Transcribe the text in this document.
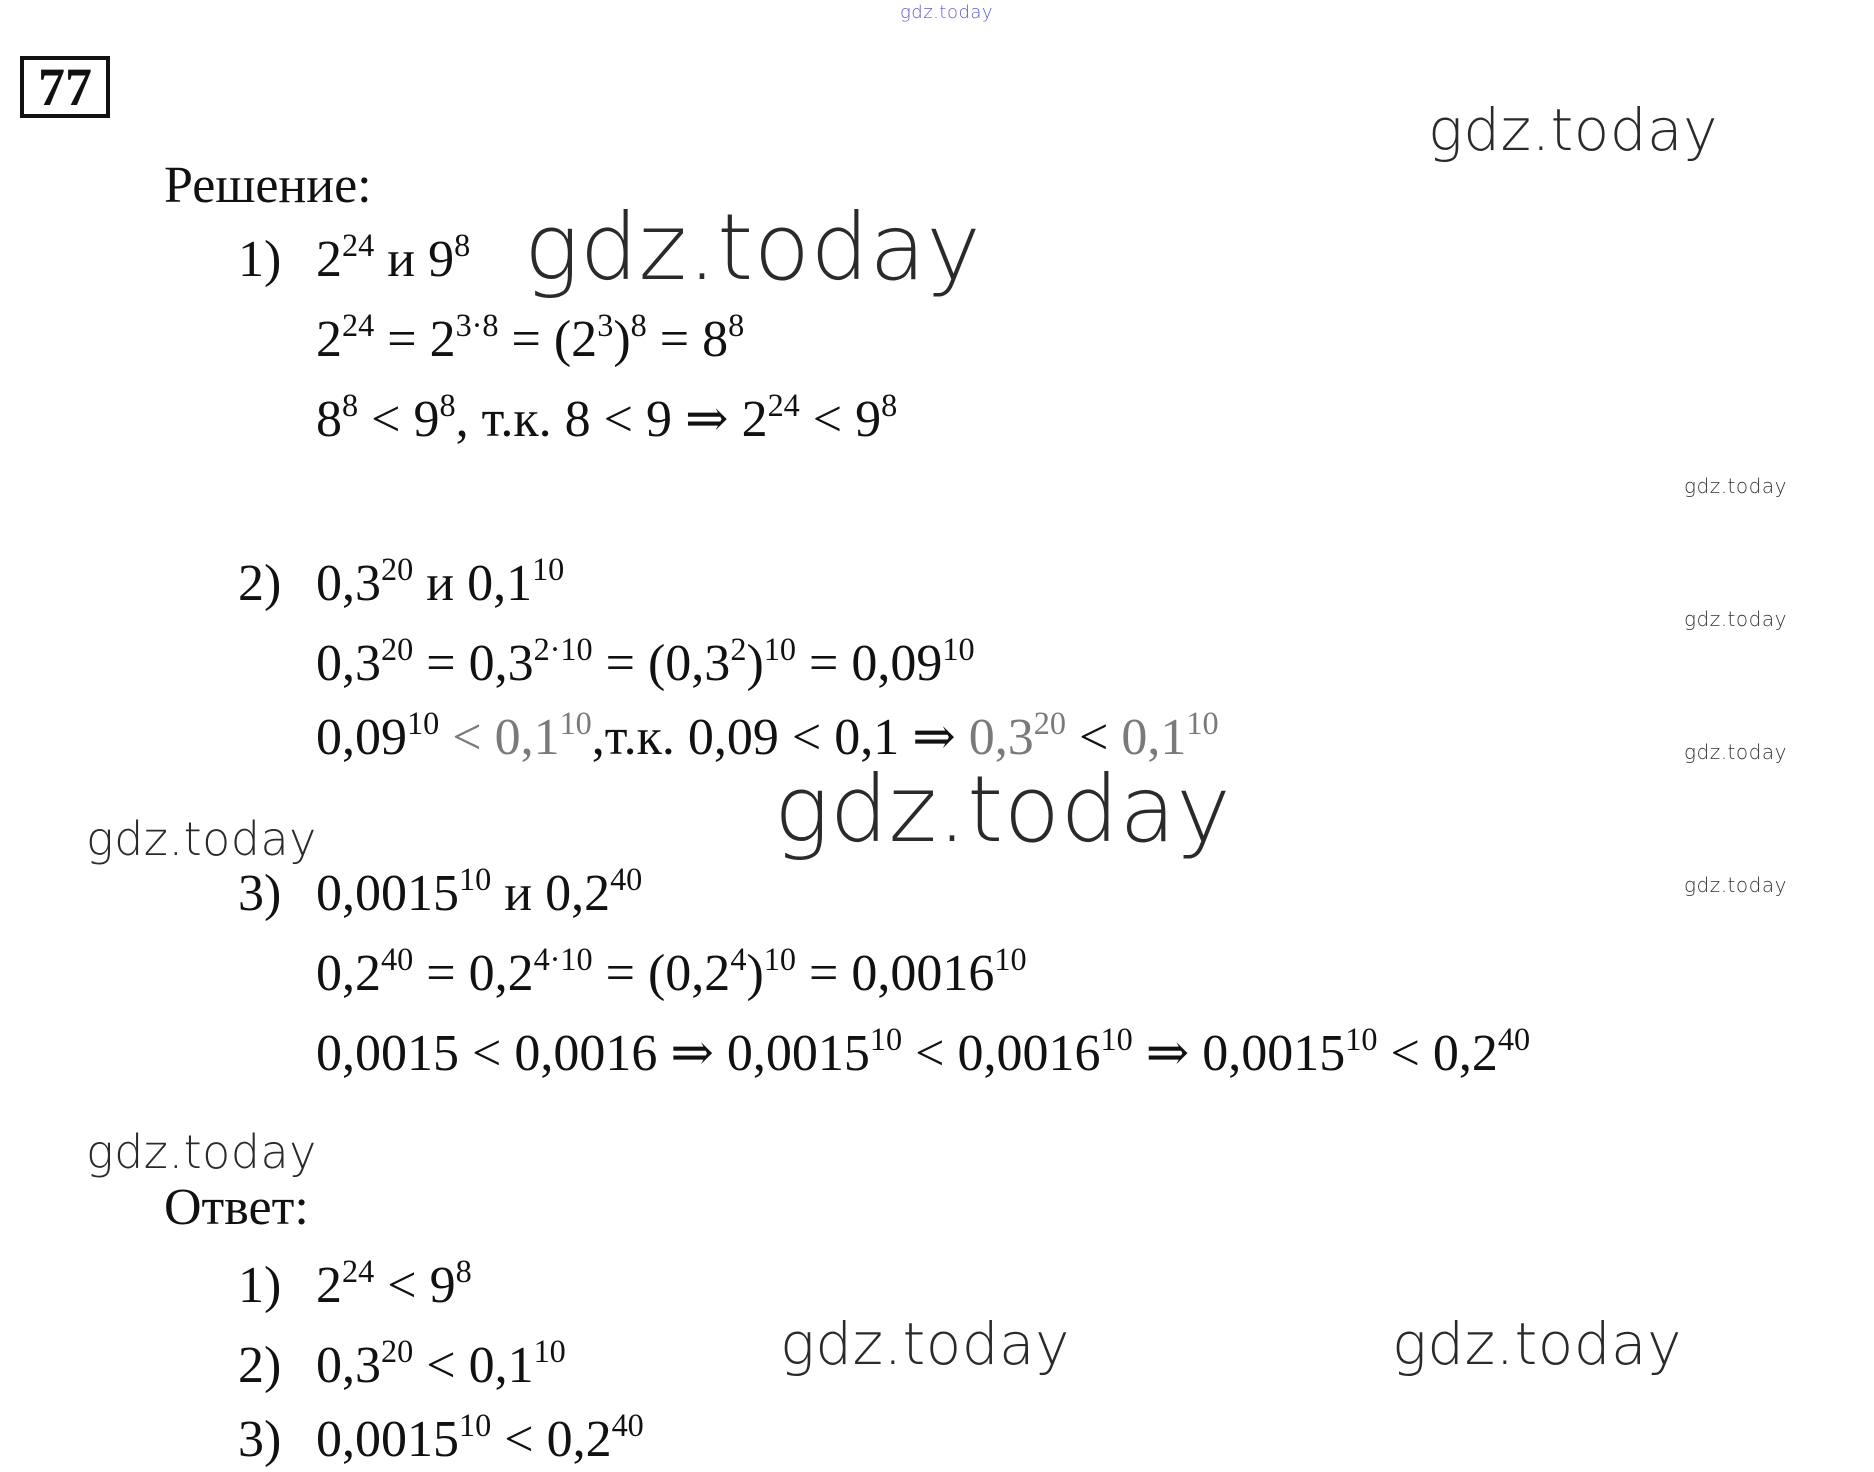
gdz.today
gdz.today
gdz.today
gdz.today
gdz.today
gdz.today
gdz.today
gdz.today
gdz.today
gdz.today
gdz.today	gdz.today
77
Решение:
1) $2^{24}$ и $9^8$
$2^{24} = 2^{3\cdot 8} = (2^3)^8 = 8^8$
$8^8 < 9^8$, т.к. 8 < 9 ⇒ $2^{24} < 9^8$
2) $0,3^{20}$ и $0,1^{10}$
$0,3^{20} = 0,3^{2\cdot 10} = (0,3^2)^{10} = 0,09^{10}$
$0,09^{10} < 0,1^{10},т.к$. 0,09 < 0,1 ⇒ $0,3^{20} < 0,1^{10}$
3) 0,0015$^{10}$ и $0,2^{40}$
$0,2^{40} = 0,2^{4\cdot 10} = (0,2^4)^{10} = 0,0016^{10}$
0,0015 < 0,0016 ⇒ $0,0015^{10} < 0,0016^{10}$ ⇒ $0,0015^{10} < 0,2^{40}$
Ответ:
1) $2^{24} < 9^8$
2) $0,3^{20} < 0,1^{10}$
3) $0,0015^{10} < 0,2^{40}$
